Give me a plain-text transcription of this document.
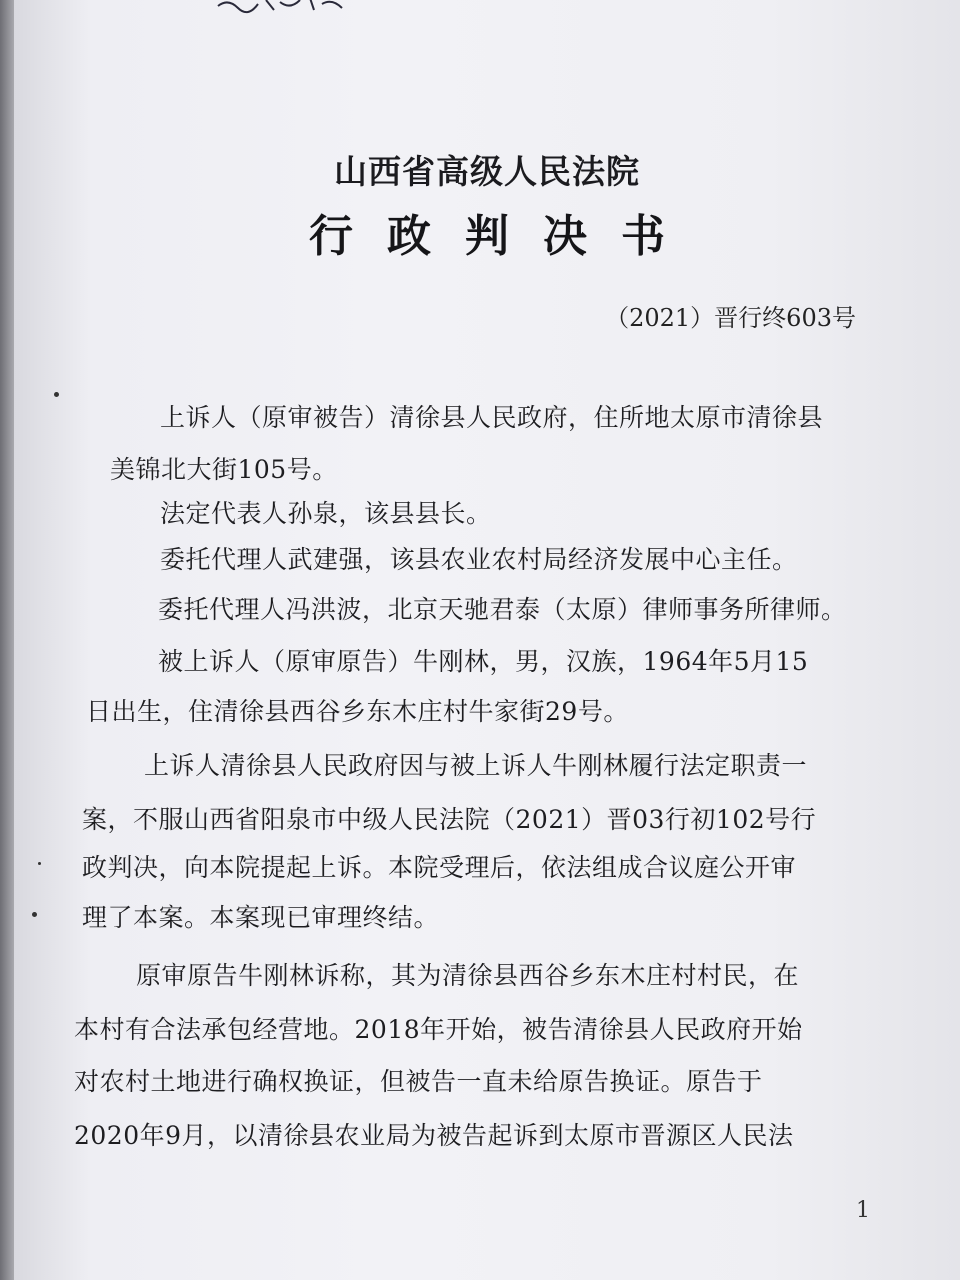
山西省高级人民法院
行政判决书
（2021）晋行终603号
上诉人（原审被告）清徐县人民政府，住所地太原市清徐县
美锦北大街105号。
法定代表人孙泉，该县县长。
委托代理人武建强，该县农业农村局经济发展中心主任。
委托代理人冯洪波，北京天驰君泰（太原）律师事务所律师。
被上诉人（原审原告）牛刚林，男，汉族，1964年5月15
日出生，住清徐县西谷乡东木庄村牛家街29号。
上诉人清徐县人民政府因与被上诉人牛刚林履行法定职责一
案，不服山西省阳泉市中级人民法院（2021）晋03行初102号行
政判决，向本院提起上诉。本院受理后，依法组成合议庭公开审
理了本案。本案现已审理终结。
原审原告牛刚林诉称，其为清徐县西谷乡东木庄村村民，在
本村有合法承包经营地。2018年开始，被告清徐县人民政府开始
对农村土地进行确权换证，但被告一直未给原告换证。原告于
2020年9月，以清徐县农业局为被告起诉到太原市晋源区人民法
1
